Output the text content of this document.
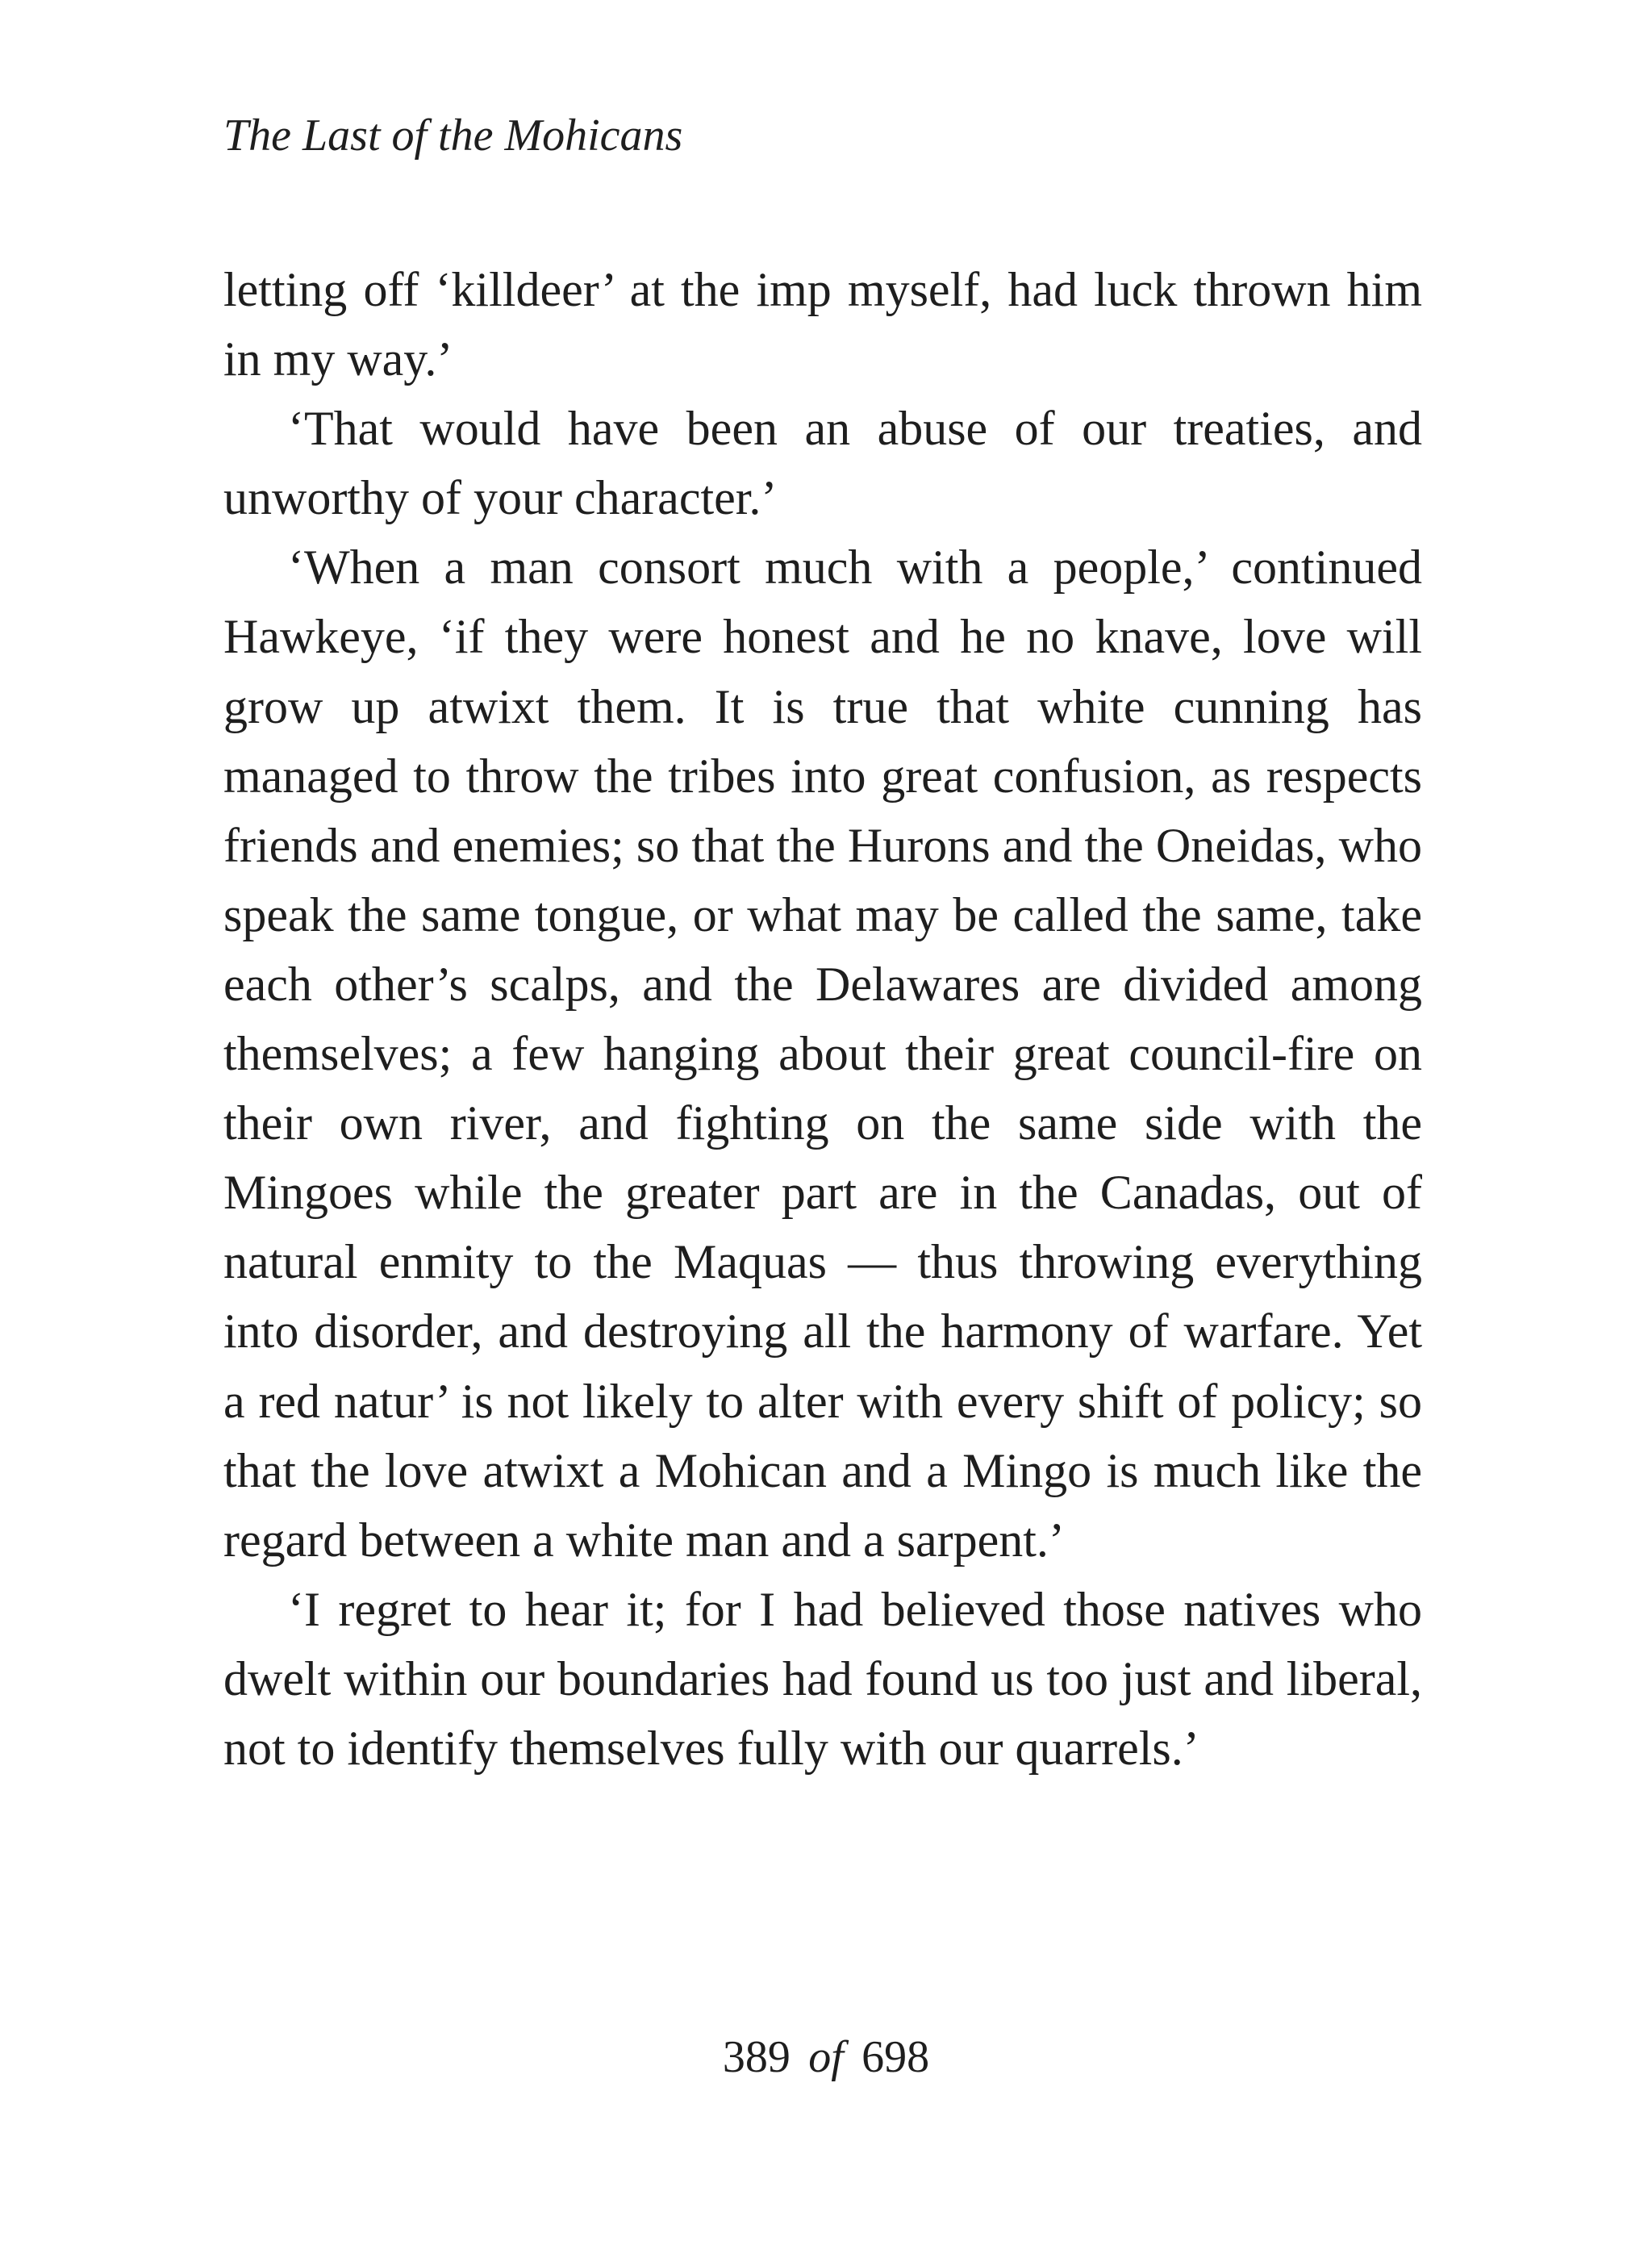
The Last of the Mohicans

letting off ‘killdeer’ at the imp myself, had luck thrown him in my way.’

‘That would have been an abuse of our treaties, and unworthy of your character.’

‘When a man consort much with a people,’ continued Hawkeye, ‘if they were honest and he no knave, love will grow up atwixt them. It is true that white cunning has managed to throw the tribes into great confusion, as respects friends and enemies; so that the Hurons and the Oneidas, who speak the same tongue, or what may be called the same, take each other’s scalps, and the Delawares are divided among themselves; a few hanging about their great council-fire on their own river, and fighting on the same side with the Mingoes while the greater part are in the Canadas, out of natural enmity to the Maquas — thus throwing everything into disorder, and destroying all the harmony of warfare. Yet a red natur’ is not likely to alter with every shift of policy; so that the love atwixt a Mohican and a Mingo is much like the regard between a white man and a sarpent.’

‘I regret to hear it; for I had believed those natives who dwelt within our boundaries had found us too just and liberal, not to identify themselves fully with our quarrels.’

389 of 698
